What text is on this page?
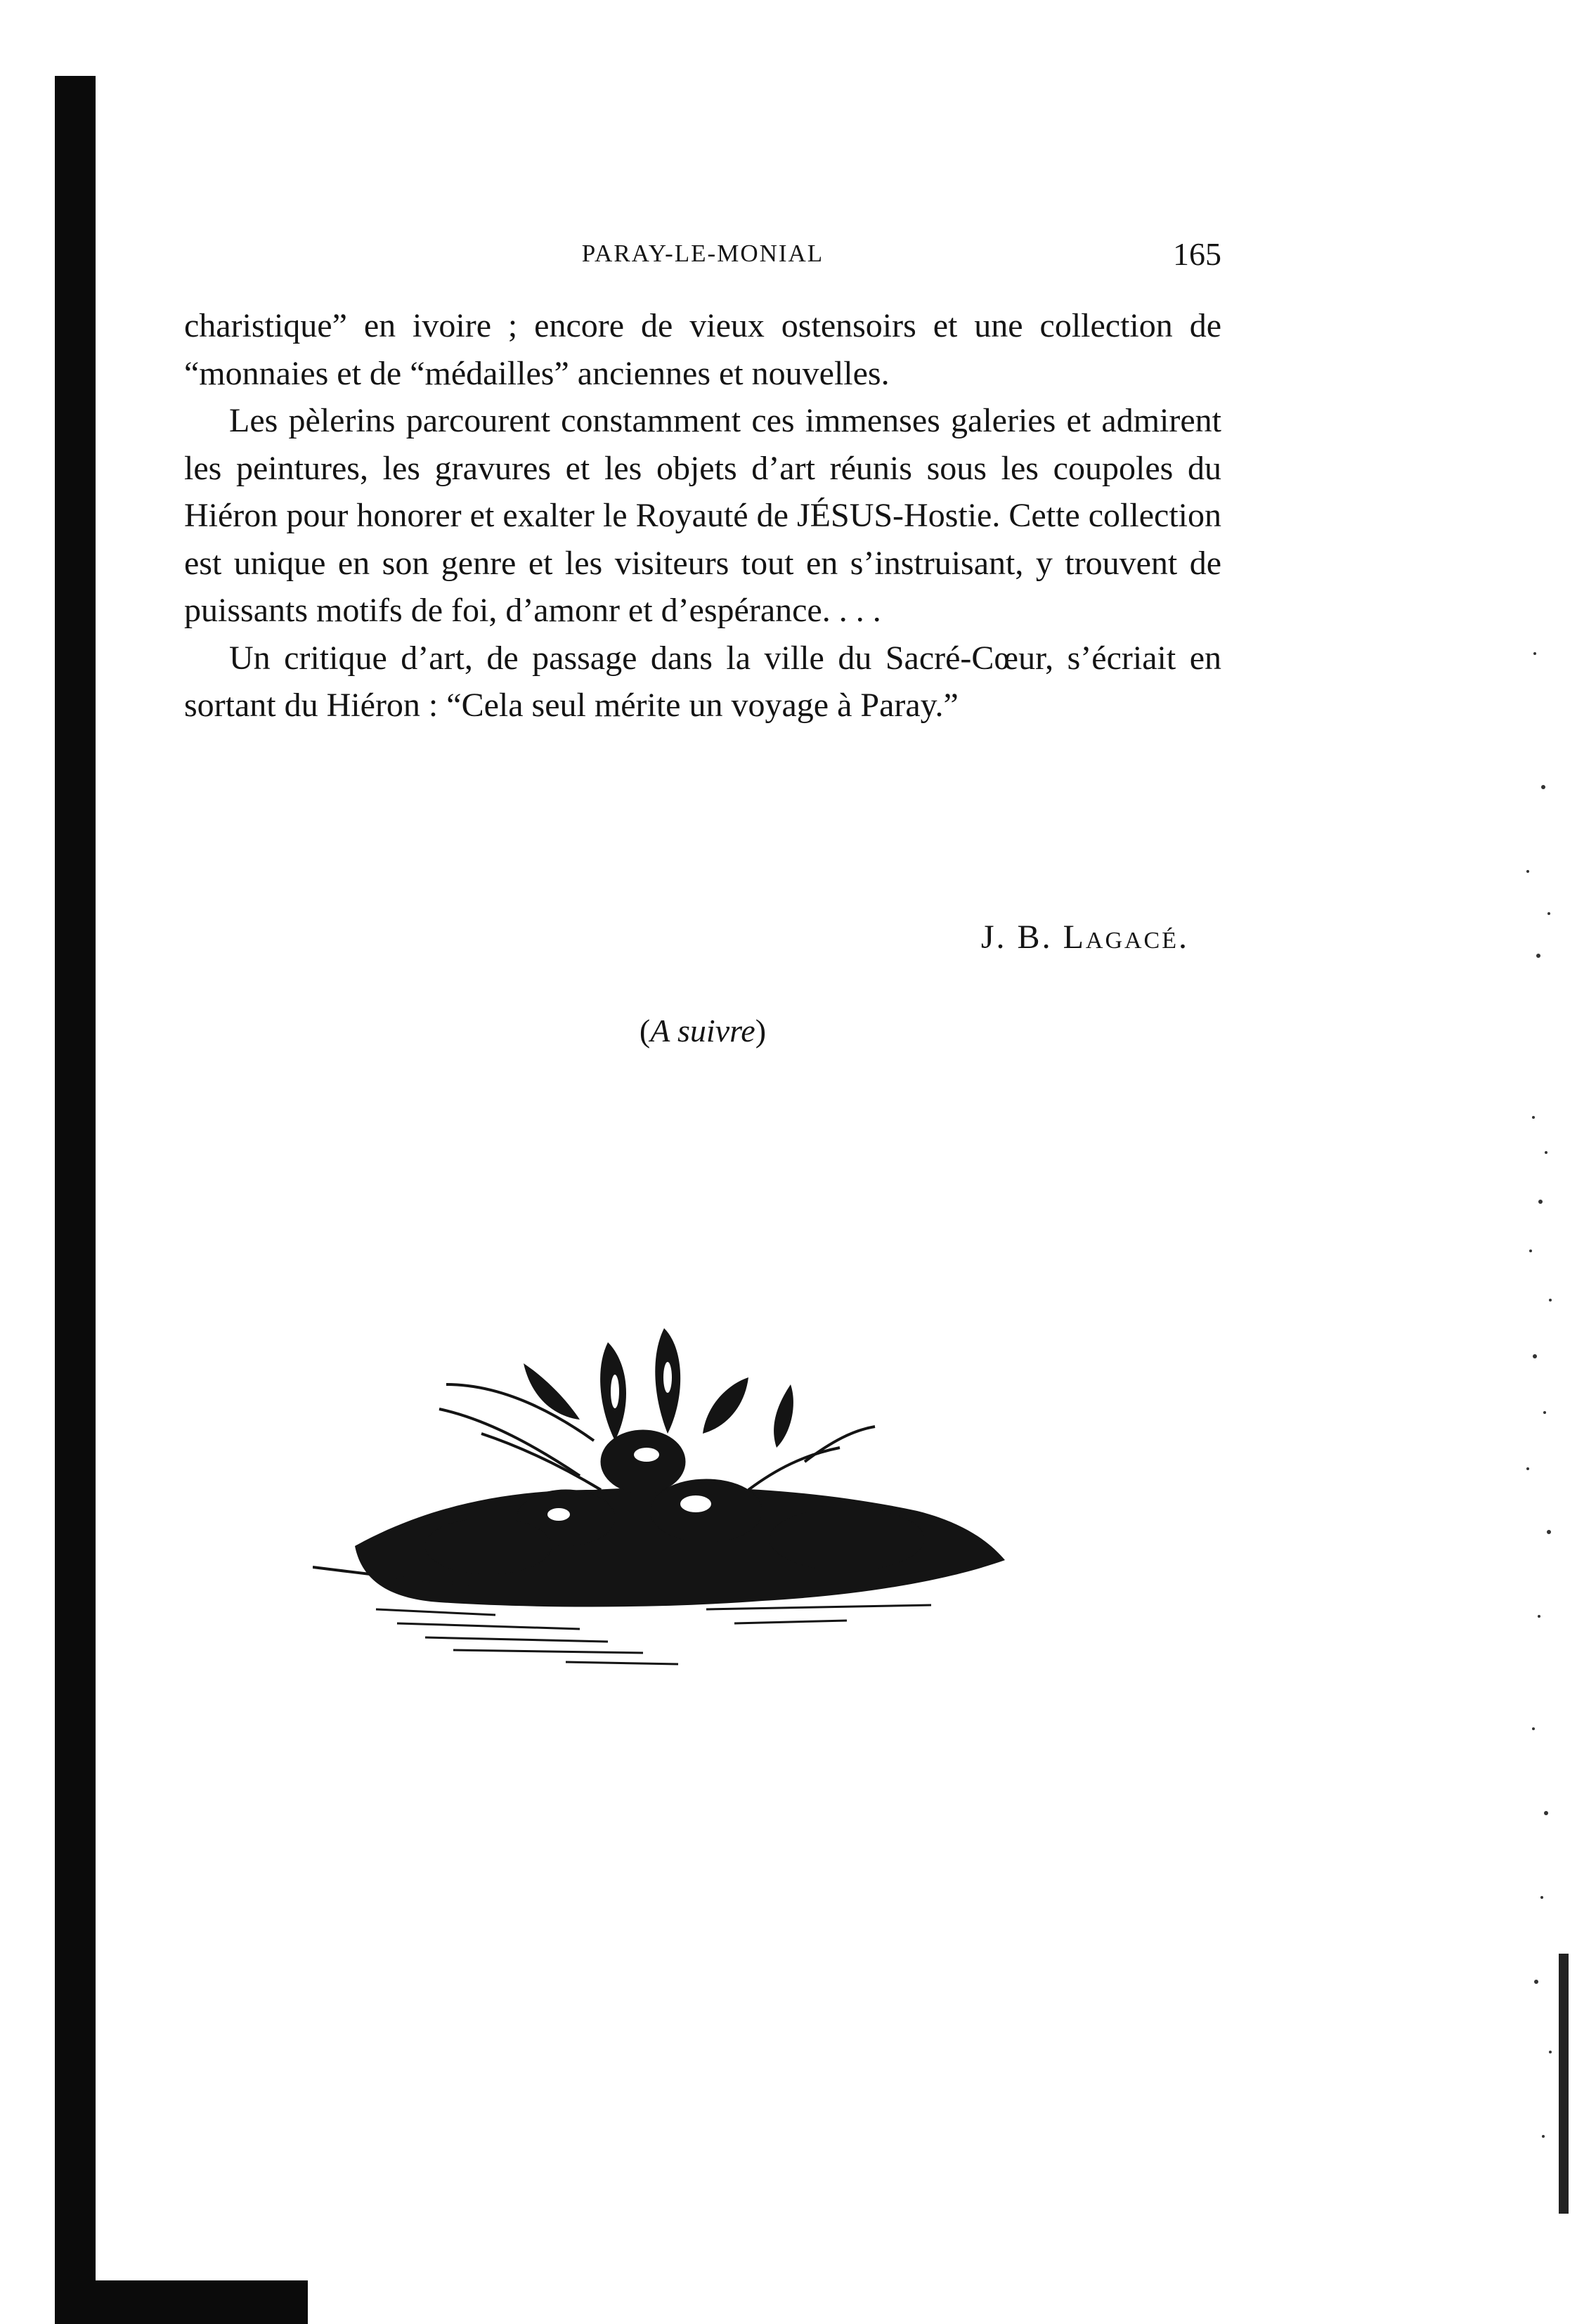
PARAY-LE-MONIAL	165

charistique” en ivoire ; encore de vieux ostensoirs et une collection de “monnaies et de “médailles” anciennes et nouvelles.

Les pèlerins parcourent constamment ces immenses galeries et admirent les peintures, les gravures et les objets d’art réunis sous les coupoles du Hiéron pour honorer et exalter le Royauté de JÉSUS-Hostie. Cette collection est unique en son genre et les visiteurs tout en s’instruisant, y trouvent de puissants motifs de foi, d’amonr et d’espérance. . . .

Un critique d’art, de passage dans la ville du Sacré-Cœur, s’écriait en sortant du Hiéron : “Cela seul mérite un voyage à Paray.”

J. B. Lagacé.
(A suivre)
